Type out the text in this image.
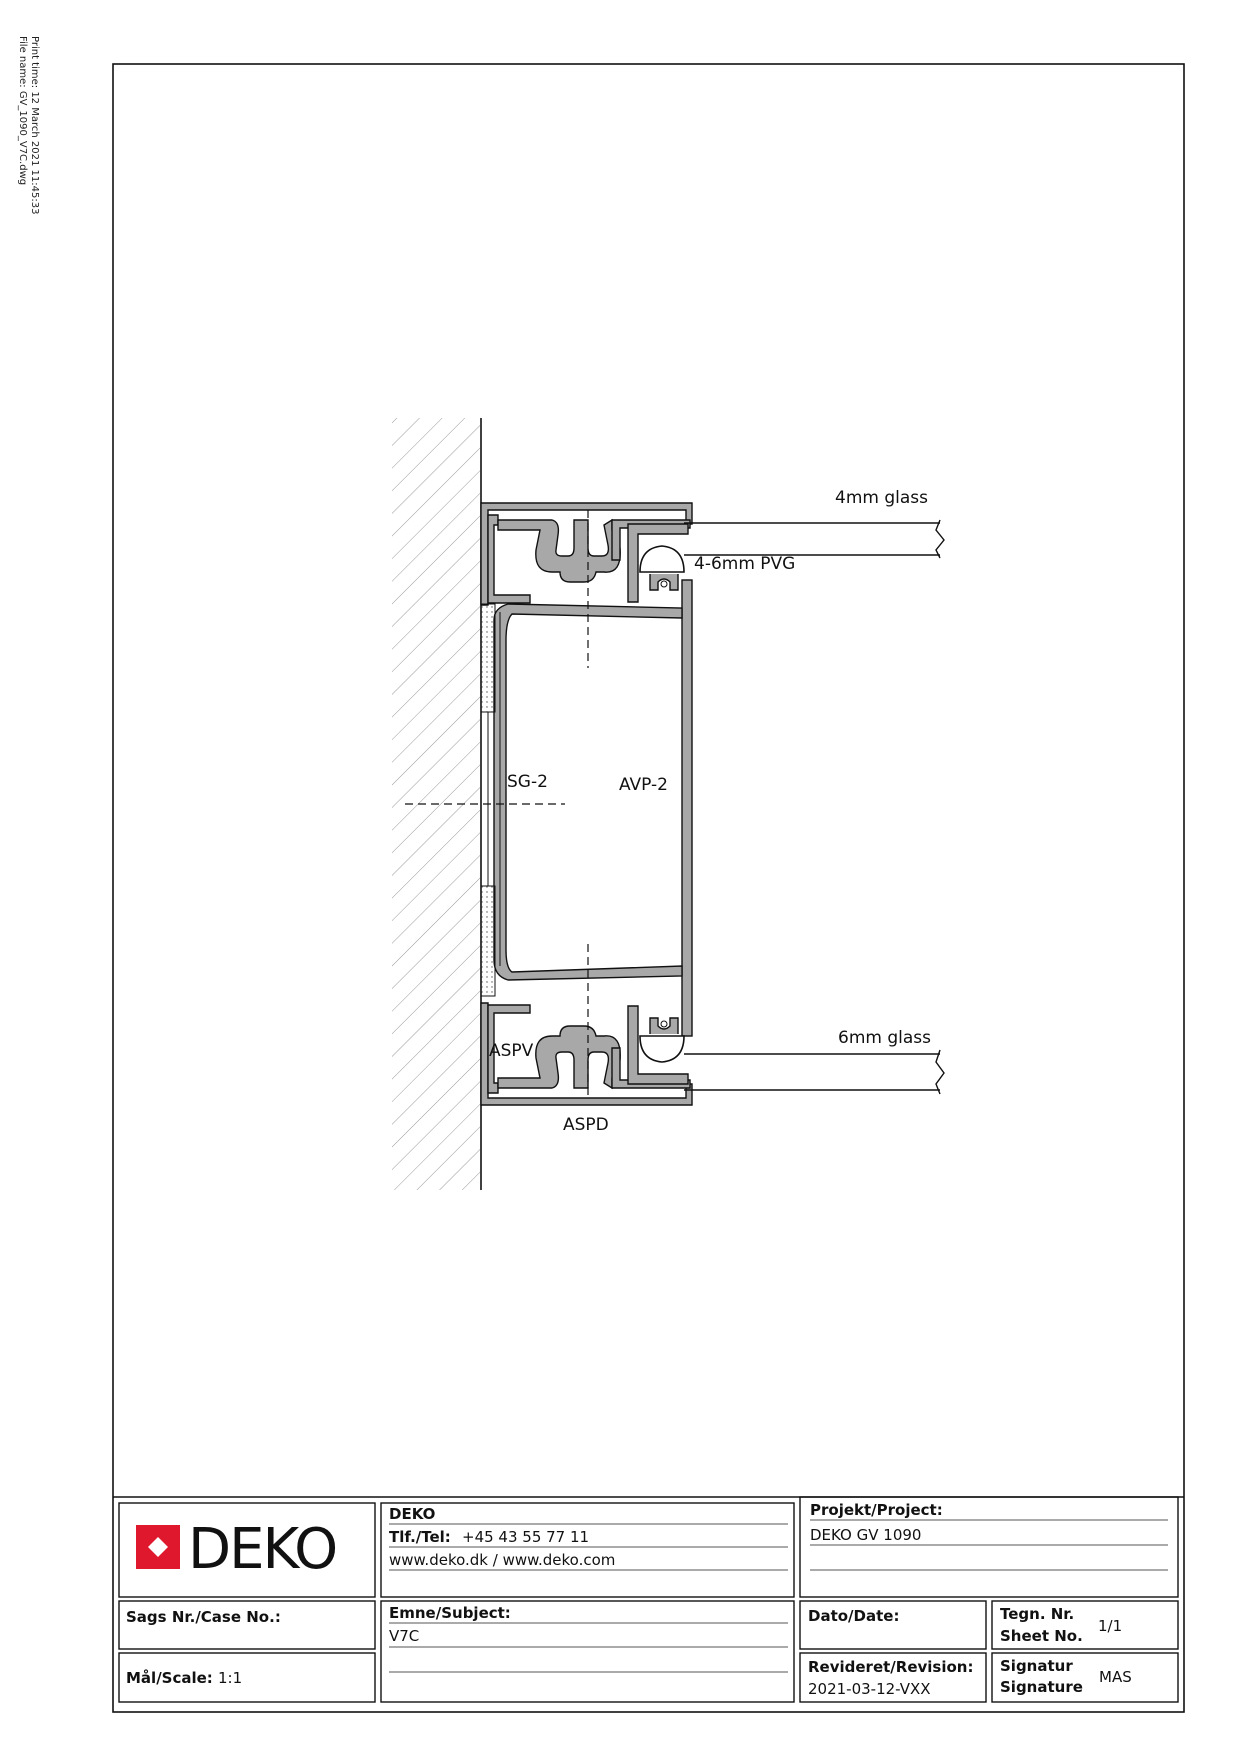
Print time: 12 March 2021 11:45:33
File name: GV_1090_V7C.dwg
4mm glass
4-6mm PVG
SG-2	AVP-2
ASPV
ASPD
6mm glass
DEKO
DEKO
Tlf./Tel: +45 43 55 77 11
www.deko.dk / www.deko.com
Projekt/Project:
DEKO GV 1090
Sags Nr./Case No.:	Emne/Subject:
V7C
Dato/Date:	Tegn. Nr.
Sheet No.
1/1
Mål/Scale: 1:1
Revideret/Revision:
2021-03-12-VXX
Signatur
Signature
MAS
